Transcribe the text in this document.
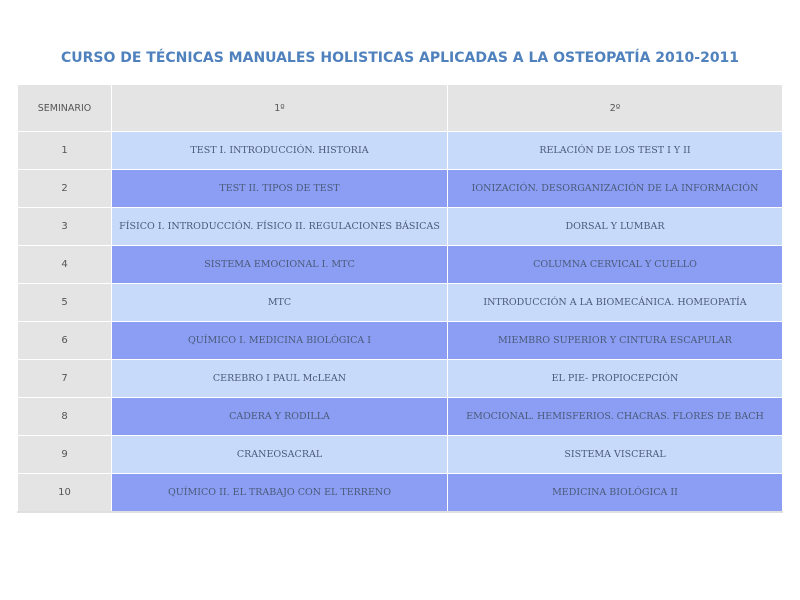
CURSO DE TÉCNICAS MANUALES HOLISTICAS APLICADAS A LA OSTEOPATÍA 2010-2011
SEMINARIO	1º	2º
1	TEST I. INTRODUCCIÓN. HISTORIA	RELACIÓN DE LOS TEST I Y II
2	TEST II. TIPOS DE TEST	IONIZACIÓN. DESORGANIZACIÓN DE LA INFORMACIÓN
3	FÍSICO I. INTRODUCCIÓN. FÍSICO II. REGULACIONES BÁSICAS	DORSAL Y LUMBAR
4	SISTEMA EMOCIONAL I. MTC	COLUMNA CERVICAL Y CUELLO
5	MTC	INTRODUCCIÓN A LA BIOMECÁNICA. HOMEOPATÍA
6	QUÍMICO I. MEDICINA BIOLÓGICA I	MIEMBRO SUPERIOR Y CINTURA ESCAPULAR
7	CEREBRO I PAUL McLEAN	EL PIE- PROPIOCEPCIÓN
8	CADERA Y RODILLA	EMOCIONAL. HEMISFERIOS. CHACRAS. FLORES DE BACH
9	CRANEOSACRAL	SISTEMA VISCERAL
10	QUÍMICO II. EL TRABAJO CON EL TERRENO	MEDICINA BIOLÓGICA II
